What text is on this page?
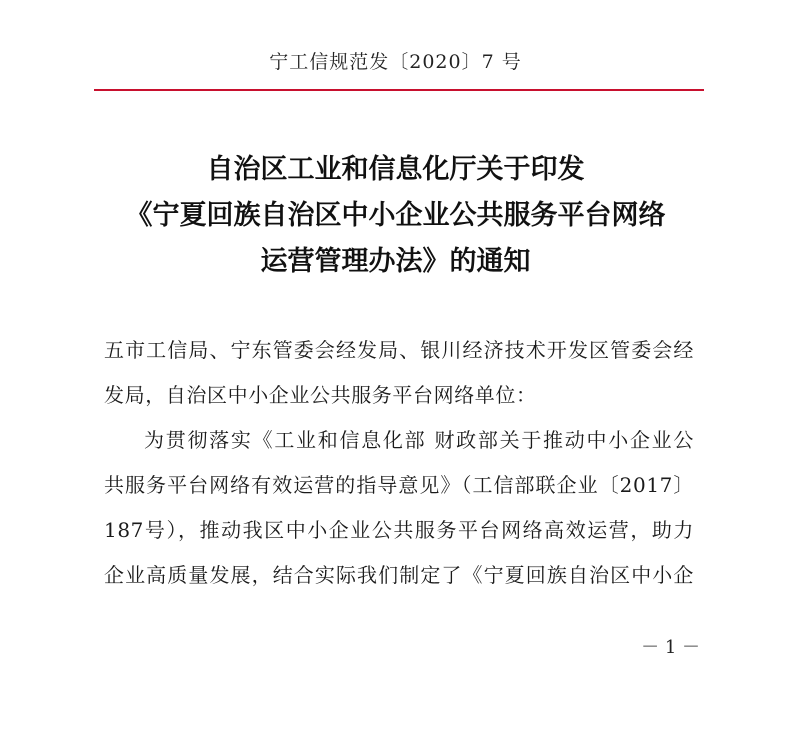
宁工信规范发〔2020〕7 号
自治区工业和信息化厅关于印发
《宁夏回族自治区中小企业公共服务平台网络
运营管理办法》的通知
五市工信局、宁东管委会经发局、银川经济技术开发区管委会经
发局，自治区中小企业公共服务平台网络单位：
为贯彻落实《工业和信息化部 财政部关于推动中小企业公
共服务平台网络有效运营的指导意见》（工信部联企业〔2017〕
187号），推动我区中小企业公共服务平台网络高效运营，助力
企业高质量发展，结合实际我们制定了《宁夏回族自治区中小企
－ 1 －
